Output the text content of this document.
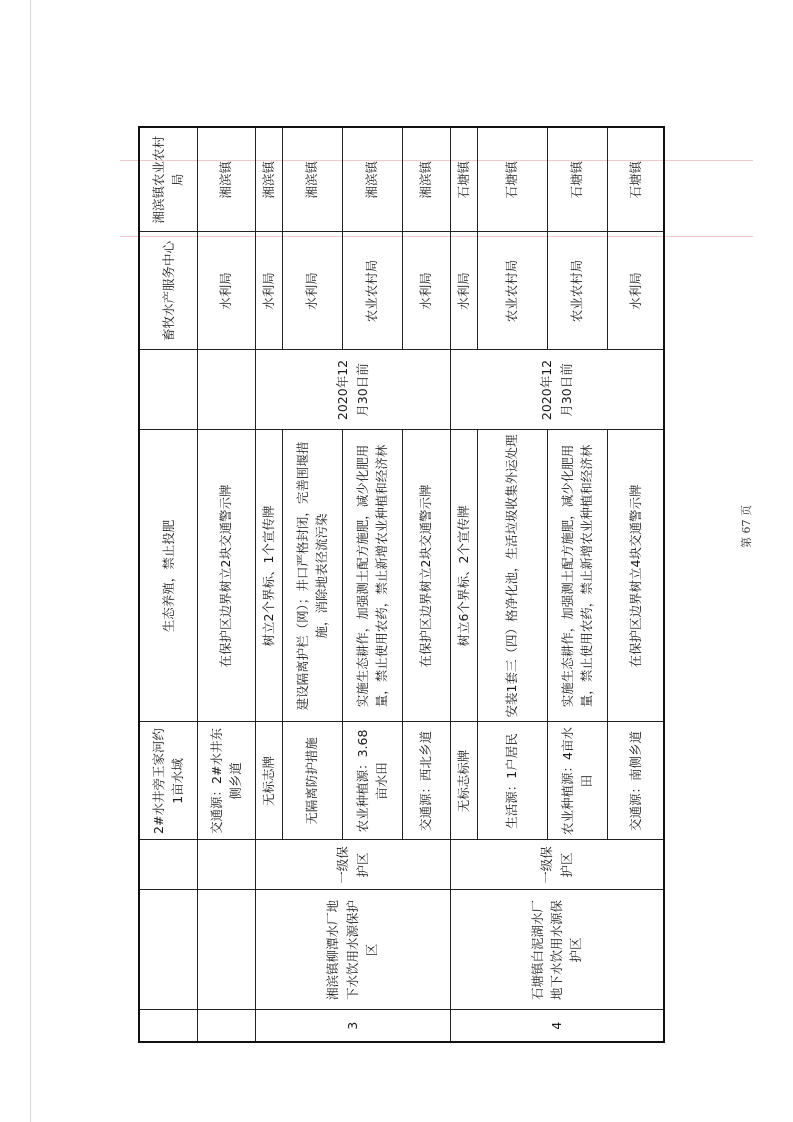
			2#水井旁王家河约1亩水域	生态养殖，禁止投肥		畜牧水产服务中心	湘滨镇农业农村局
			交通源：2#水井东侧乡道	在保护区边界树立2块交通警示牌		水利局	湘滨镇
3	湘滨镇柳潭水厂地下水饮用水源保护区	一级保护区	无标志牌	树立2个界标、1个宣传牌	2020年12月30日前	水利局	湘滨镇
			无隔离防护措施	建设隔离护栏（网）；井口严格封闭，完善围堰措施，消除地表径流污染		水利局	湘滨镇
			农业种植源：3.68亩水田	实施生态耕作，加强测土配方施肥，减少化肥用量，禁止使用农药，禁止新增农业种植和经济林		农业农村局	湘滨镇
			交通源：西北乡道	在保护区边界树立2块交通警示牌		水利局	湘滨镇
4	石塘镇白泥湖水厂地下水饮用水源保护区	一级保护区	无标志标牌	树立6个界标、2个宣传牌	2020年12月30日前	水利局	石塘镇
			生活源：1户居民	安装1套三（四）格净化池，生活垃圾收集外运处理		农业农村局	石塘镇
			农业种植源：4亩水田	实施生态耕作，加强测土配方施肥，减少化肥用量，禁止使用农药，禁止新增农业种植和经济林		农业农村局	石塘镇
			交通源：南侧乡道	在保护区边界树立4块交通警示牌		水利局	石塘镇
第 67 页
